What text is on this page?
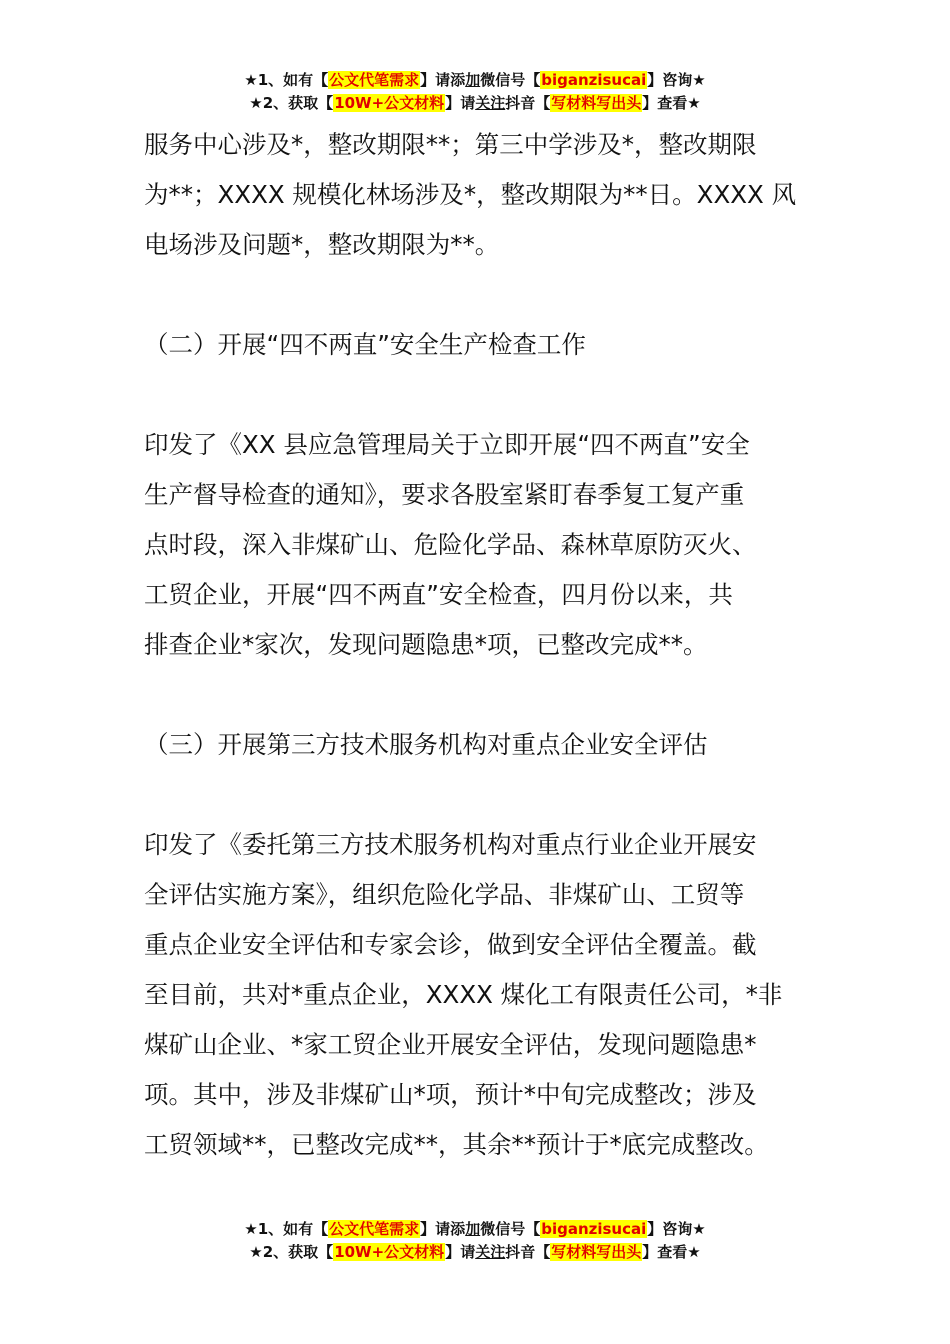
★1、如有【公文代笔需求】请添加微信号【biganzisucai】咨询★
★2、获取【10W+公文材料】请关注抖音【写材料写出头】查看★

服务中心涉及*，整改期限**；第三中学涉及*，整改期限

为**；XXXX 规模化林场涉及*，整改期限为**日。XXXX 风

电场涉及问题*，整改期限为**。

（二）开展“四不两直”安全生产检查工作

印发了《XX 县应急管理局关于立即开展“四不两直”安全

生产督导检查的通知》，要求各股室紧盯春季复工复产重

点时段，深入非煤矿山、危险化学品、森林草原防灭火、

工贸企业，开展“四不两直”安全检查，四月份以来，共

排查企业*家次，发现问题隐患*项，已整改完成**。

（三）开展第三方技术服务机构对重点企业安全评估

印发了《委托第三方技术服务机构对重点行业企业开展安

全评估实施方案》，组织危险化学品、非煤矿山、工贸等

重点企业安全评估和专家会诊，做到安全评估全覆盖。截

至目前，共对*重点企业，XXXX 煤化工有限责任公司，*非

煤矿山企业、*家工贸企业开展安全评估，发现问题隐患*

项。其中，涉及非煤矿山*项，预计*中旬完成整改；涉及

工贸领域**，已整改完成**，其余**预计于*底完成整改。

★1、如有【公文代笔需求】请添加微信号【biganzisucai】咨询★
★2、获取【10W+公文材料】请关注抖音【写材料写出头】查看★
